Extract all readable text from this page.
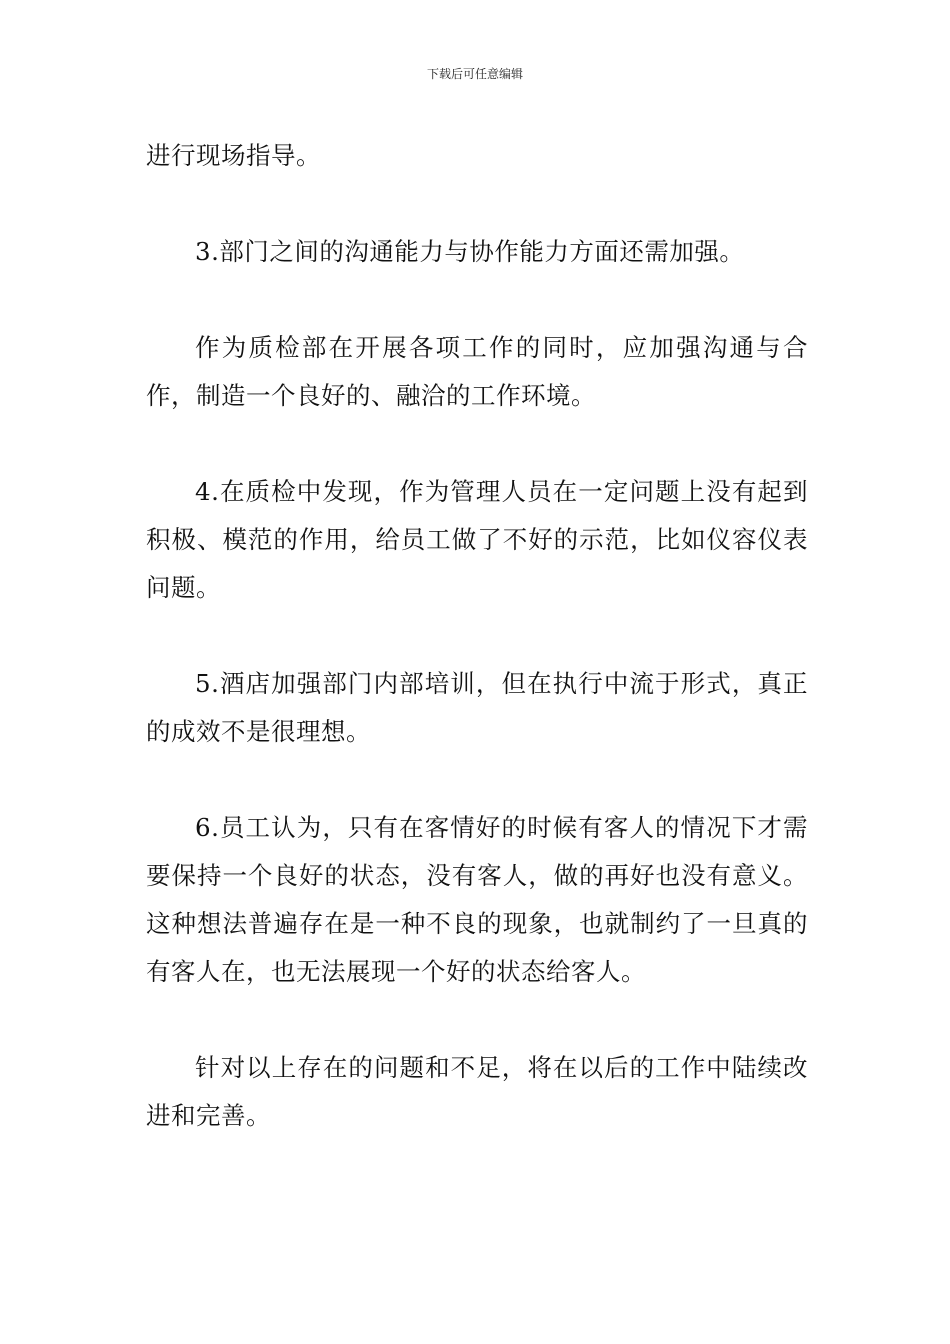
下载后可任意编辑

进行现场指导。

3.部门之间的沟通能力与协作能力方面还需加强。

作为质检部在开展各项工作的同时，应加强沟通与合作，制造一个良好的、融洽的工作环境。

4.在质检中发现，作为管理人员在一定问题上没有起到积极、模范的作用，给员工做了不好的示范，比如仪容仪表问题。

5.酒店加强部门内部培训，但在执行中流于形式，真正的成效不是很理想。

6.员工认为，只有在客情好的时候有客人的情况下才需要保持一个良好的状态，没有客人，做的再好也没有意义。这种想法普遍存在是一种不良的现象，也就制约了一旦真的有客人在，也无法展现一个好的状态给客人。

针对以上存在的问题和不足，将在以后的工作中陆续改进和完善。
